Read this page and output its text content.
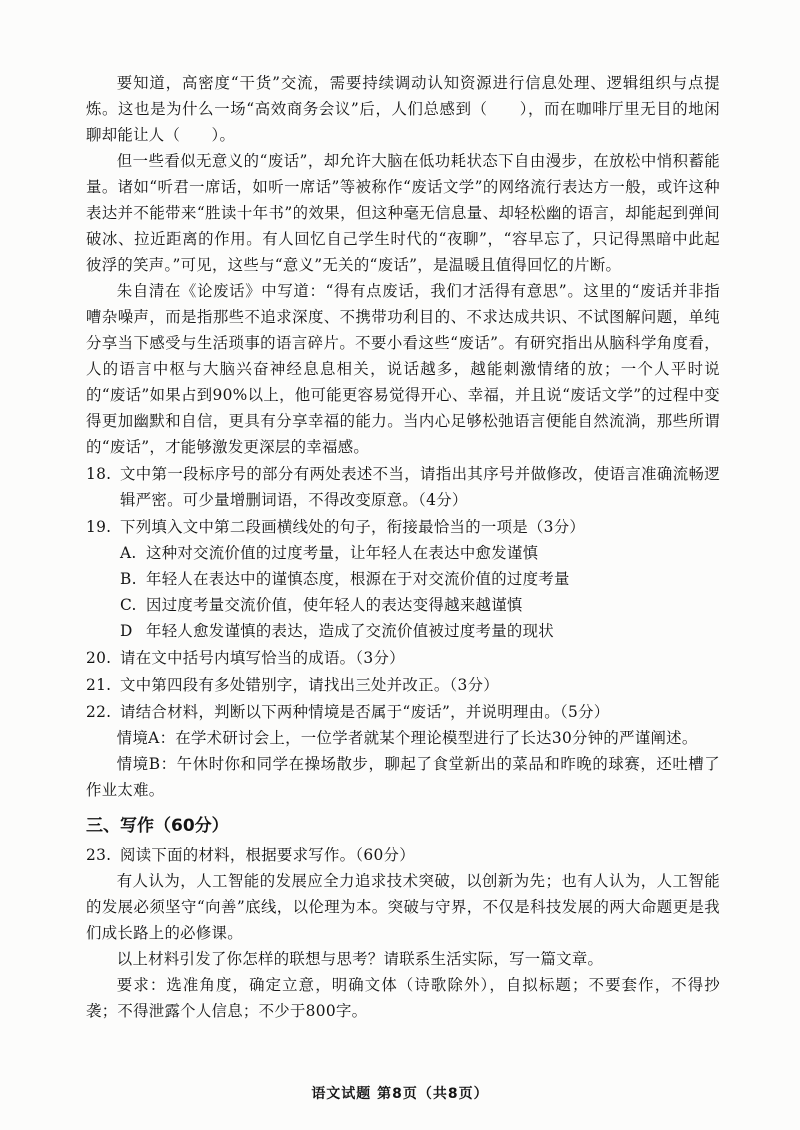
要知道，高密度“干货”交流，需要持续调动认知资源进行信息处理、逻辑组织与点提炼。这也是为什么一场“高效商务会议”后，人们总感到（　　），而在咖啡厅里无目的地闲聊却能让人（　　）。

但一些看似无意义的“废话”，却允许大脑在低功耗状态下自由漫步，在放松中悄积蓄能量。诸如“听君一席话，如听一席话”等被称作“废话文学”的网络流行表达方一般，或许这种表达并不能带来“胜读十年书”的效果，但这种毫无信息量、却轻松幽的语言，却能起到弹间破冰、拉近距离的作用。有人回忆自己学生时代的“夜聊”，“容早忘了，只记得黑暗中此起彼浮的笑声。”可见，这些与“意义”无关的“废话”，是温暖且值得回忆的片断。

朱自清在《论废话》中写道：“得有点废话，我们才活得有意思”。这里的“废话并非指嘈杂噪声，而是指那些不追求深度、不携带功利目的、不求达成共识、不试图解问题，单纯分享当下感受与生活琐事的语言碎片。不要小看这些“废话”。有研究指出从脑科学角度看，人的语言中枢与大脑兴奋神经息息相关，说话越多，越能刺激情绪的放；一个人平时说的“废话”如果占到90%以上，他可能更容易觉得开心、幸福，并且说“废话文学”的过程中变得更加幽默和自信，更具有分享幸福的能力。当内心足够松弛语言便能自然流淌，那些所谓的“废话”，才能够激发更深层的幸福感。

18. 文中第一段标序号的部分有两处表述不当，请指出其序号并做修改，使语言准确流畅逻辑严密。可少量增删词语，不得改变原意。（4分）

19. 下列填入文中第二段画横线处的句子，衔接最恰当的一项是（3分）

A. 这种对交流价值的过度考量，让年轻人在表达中愈发谨慎

B. 年轻人在表达中的谨慎态度，根源在于对交流价值的过度考量

C. 因过度考量交流价值，使年轻人的表达变得越来越谨慎

D 年轻人愈发谨慎的表达，造成了交流价值被过度考量的现状

20. 请在文中括号内填写恰当的成语。（3分）

21. 文中第四段有多处错别字，请找出三处并改正。（3分）

22. 请结合材料，判断以下两种情境是否属于“废话”，并说明理由。（5分）

情境A：在学术研讨会上，一位学者就某个理论模型进行了长达30分钟的严谨阐述。

情境B：午休时你和同学在操场散步，聊起了食堂新出的菜品和昨晚的球赛，还吐槽了作业太难。

三、写作（60分）

23. 阅读下面的材料，根据要求写作。（60分）

有人认为，人工智能的发展应全力追求技术突破，以创新为先；也有人认为，人工智能的发展必须坚守“向善”底线，以伦理为本。突破与守界，不仅是科技发展的两大命题更是我们成长路上的必修课。

以上材料引发了你怎样的联想与思考？请联系生活实际，写一篇文章。

要求：选准角度，确定立意，明确文体（诗歌除外），自拟标题；不要套作，不得抄袭；不得泄露个人信息；不少于800字。

语文试题 第8页（共8页）
